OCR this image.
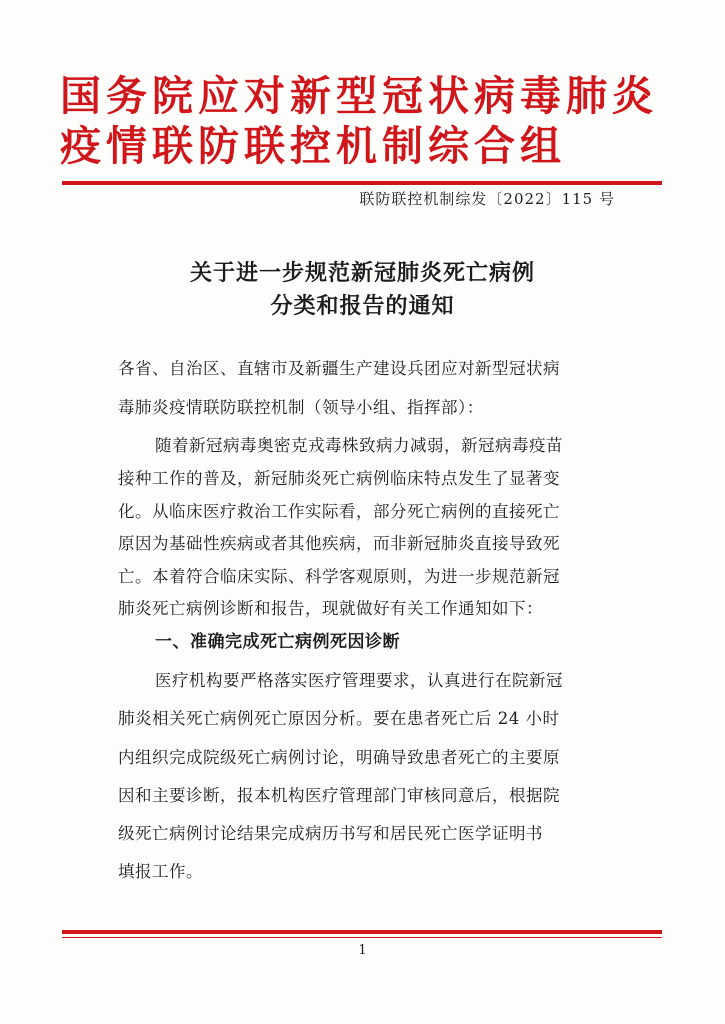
国务院应对新型冠状病毒肺炎
疫情联防联控机制综合组
联防联控机制综发〔2022〕115 号
关于进一步规范新冠肺炎死亡病例
分类和报告的通知
各省、自治区、直辖市及新疆生产建设兵团应对新型冠状病
毒肺炎疫情联防联控机制（领导小组、指挥部）：
随着新冠病毒奥密克戎毒株致病力减弱，新冠病毒疫苗
接种工作的普及，新冠肺炎死亡病例临床特点发生了显著变
化。从临床医疗救治工作实际看，部分死亡病例的直接死亡
原因为基础性疾病或者其他疾病，而非新冠肺炎直接导致死
亡。本着符合临床实际、科学客观原则，为进一步规范新冠
肺炎死亡病例诊断和报告，现就做好有关工作通知如下：
一、准确完成死亡病例死因诊断
医疗机构要严格落实医疗管理要求，认真进行在院新冠
肺炎相关死亡病例死亡原因分析。要在患者死亡后 24 小时
内组织完成院级死亡病例讨论，明确导致患者死亡的主要原
因和主要诊断，报本机构医疗管理部门审核同意后，根据院
级死亡病例讨论结果完成病历书写和居民死亡医学证明书
填报工作。
1
